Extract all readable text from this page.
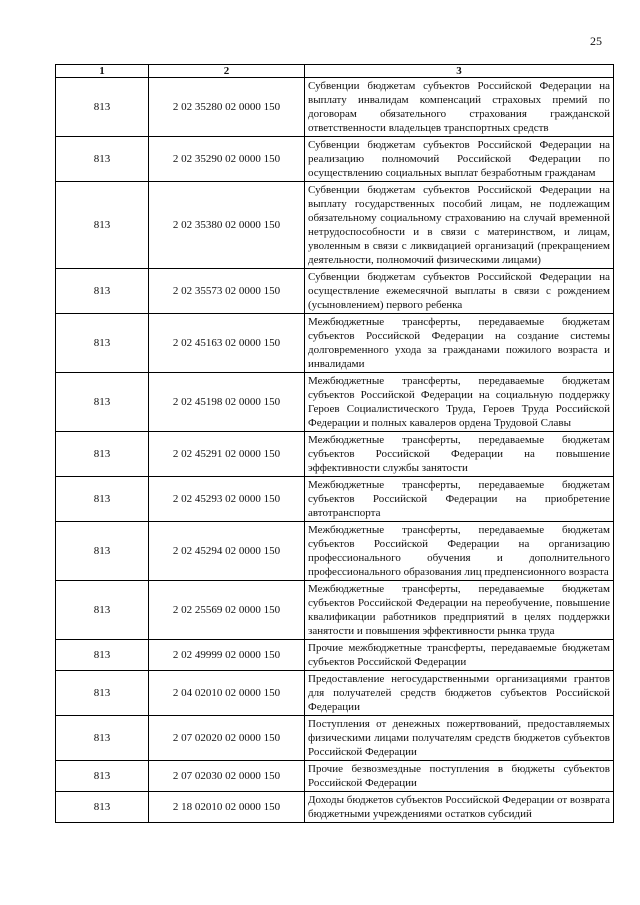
25
1	2	3
813	2 02 35280 02 0000 150	Субвенции бюджетам субъектов Российской Федерации на выплату инвалидам компенсаций страховых премий по договорам обязательного страхования гражданской ответственности владельцев транспортных средств
813	2 02 35290 02 0000 150	Субвенции бюджетам субъектов Российской Федерации на реализацию полномочий Российской Федерации по осуществлению социальных выплат безработным гражданам
813	2 02 35380 02 0000 150	Субвенции бюджетам субъектов Российской Федерации на выплату государственных пособий лицам, не подлежащим обязательному социальному страхованию на случай временной нетрудоспособности и в связи с материнством, и лицам, уволенным в связи с ликвидацией организаций (прекращением деятельности, полномочий физическими лицами)
813	2 02 35573 02 0000 150	Субвенции бюджетам субъектов Российской Федерации на осуществление ежемесячной выплаты в связи с рождением (усыновлением) первого ребенка
813	2 02 45163 02 0000 150	Межбюджетные трансферты, передаваемые бюджетам субъектов Российской Федерации на создание системы долговременного ухода за гражданами пожилого возраста и инвалидами
813	2 02 45198 02 0000 150	Межбюджетные трансферты, передаваемые бюджетам субъектов Российской Федерации на социальную поддержку Героев Социалистического Труда, Героев Труда Российской Федерации и полных кавалеров ордена Трудовой Славы
813	2 02 45291 02 0000 150	Межбюджетные трансферты, передаваемые бюджетам субъектов Российской Федерации на повышение эффективности службы занятости
813	2 02 45293 02 0000 150	Межбюджетные трансферты, передаваемые бюджетам субъектов Российской Федерации на приобретение автотранспорта
813	2 02 45294 02 0000 150	Межбюджетные трансферты, передаваемые бюджетам субъектов Российской Федерации на организацию профессионального обучения и дополнительного профессионального образования лиц предпенсионного возраста
813	2 02 25569 02 0000 150	Межбюджетные трансферты, передаваемые бюджетам субъектов Российской Федерации на переобучение, повышение квалификации работников предприятий в целях поддержки занятости и повышения эффективности рынка труда
813	2 02 49999 02 0000 150	Прочие межбюджетные трансферты, передаваемые бюджетам субъектов Российской Федерации
813	2 04 02010 02 0000 150	Предоставление негосударственными организациями грантов для получателей средств бюджетов субъектов Российской Федерации
813	2 07 02020 02 0000 150	Поступления от денежных пожертвований, предоставляемых физическими лицами получателям средств бюджетов субъектов Российской Федерации
813	2 07 02030 02 0000 150	Прочие безвозмездные поступления в бюджеты субъектов Российской Федерации
813	2 18 02010 02 0000 150	Доходы бюджетов субъектов Российской Федерации от возврата бюджетными учреждениями остатков субсидий
